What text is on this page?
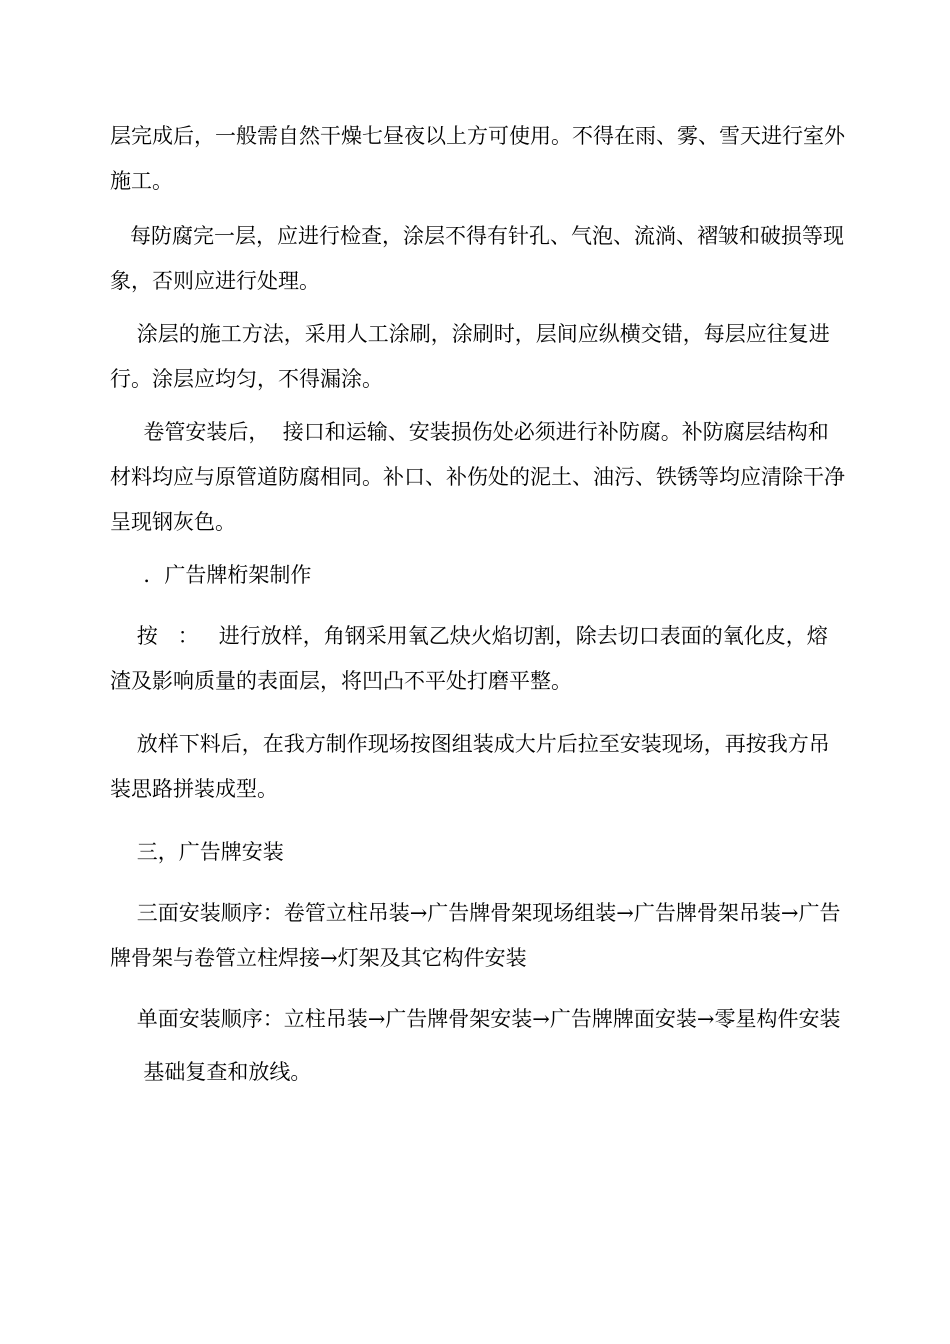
层完成后，一般需自然干燥七昼夜以上方可使用。不得在雨、雾、雪天进行室外施工。

每防腐完一层，应进行检查，涂层不得有针孔、气泡、流淌、褶皱和破损等现象，否则应进行处理。

涂层的施工方法，采用人工涂刷，涂刷时，层间应纵横交错，每层应往复进行。涂层应均匀，不得漏涂。

卷管安装后，  接口和运输、安装损伤处必须进行补防腐。补防腐层结构和材料均应与原管道防腐相同。补口、补伤处的泥土、油污、铁锈等均应清除干净呈现钢灰色。

．广告牌桁架制作

按   ：   进行放样，角钢采用氧乙炔火焰切割，除去切口表面的氧化皮，熔渣及影响质量的表面层，将凹凸不平处打磨平整。

放样下料后，在我方制作现场按图组装成大片后拉至安装现场，再按我方吊装思路拼装成型。

三，广告牌安装

三面安装顺序：卷管立柱吊装→广告牌骨架现场组装→广告牌骨架吊装→广告牌骨架与卷管立柱焊接→灯架及其它构件安装

单面安装顺序：立柱吊装→广告牌骨架安装→广告牌牌面安装→零星构件安装

基础复查和放线。
